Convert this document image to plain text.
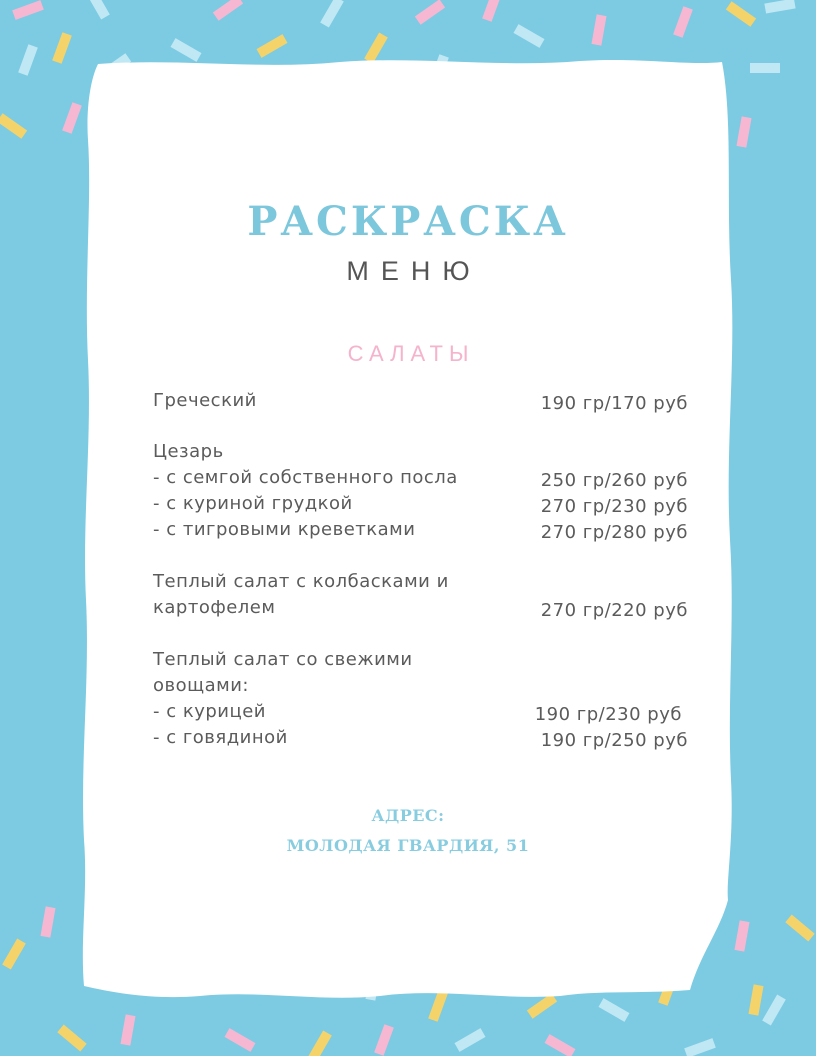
РАСКРАСКА
МЕНЮ
САЛАТЫ
Греческий	190 гр/170 руб
Цезарь
- с семгой собственного посла	250 гр/260 руб
- с куриной грудкой	270 гр/230 руб
- с тигровыми креветками	270 гр/280 руб
Теплый салат с колбасками и
картофелем	270 гр/220 руб
Теплый салат со свежими
овощами:
- с курицей	190 гр/230 руб
- с говядиной	190 гр/250 руб
АДРЕС:
МОЛОДАЯ ГВАРДИЯ, 51
